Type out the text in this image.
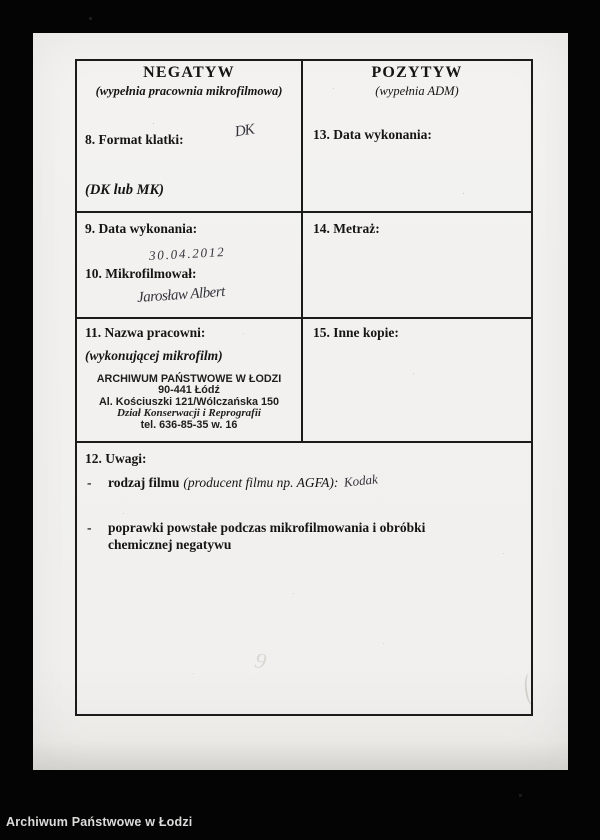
NEGATYW
(wypełnia pracownia mikrofilmowa)
8. Format klatki:	DK
(DK lub MK)
POZYTYW
(wypełnia ADM)
13. Data wykonania:
9. Data wykonania:
30.04.2012
10. Mikrofilmował:
Jarosław Albert
14. Metraż:
11. Nazwa pracowni:
(wykonującej mikrofilm)
ARCHIWUM PAŃSTWOWE W ŁODZI
90-441 Łódź
Al. Kościuszki 121/Wólczańska 150
Dział Konserwacji i Reprografii
tel. 636-85-35 w. 16
15. Inne kopie:
12. Uwagi:
-	rodzaj filmu (producent filmu np. AGFA): Kodak
-	poprawki powstałe podczas mikrofilmowania i obróbki chemicznej negatywu
9
Archiwum Państwowe w Łodzi
